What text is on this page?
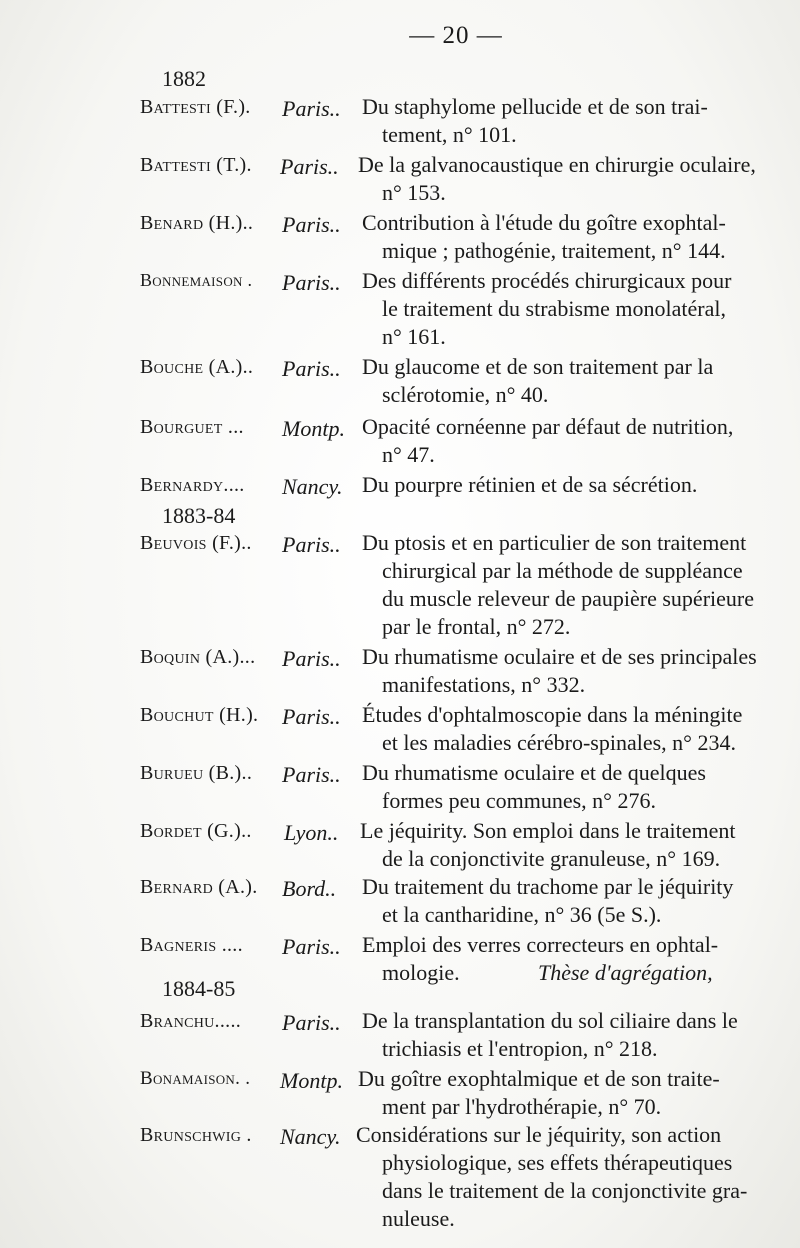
— 20 —
1882
1883-84
1884-85
Battesti (F.). Paris.. Du staphylome pellucide et de son trai-
tement, n° 101.
Battesti (T.). Paris.. De la galvanocaustique en chirurgie oculaire,
n° 153.
Benard (H.).. Paris.. Contribution à l'étude du goître exophtal-
mique ; pathogénie, traitement, n° 144.
Bonnemaison . Paris.. Des différents procédés chirurgicaux pour
le traitement du strabisme monolatéral,
n° 161.
Bouche (A.).. Paris.. Du glaucome et de son traitement par la
sclérotomie, n° 40.
Bourguet ... Montp. Opacité cornéenne par défaut de nutrition,
n° 47.
Bernardy.... Nancy. Du pourpre rétinien et de sa sécrétion.
Beuvois (F.).. Paris.. Du ptosis et en particulier de son traitement
chirurgical par la méthode de suppléance
du muscle releveur de paupière supérieure
par le frontal, n° 272.
Boquin (A.)... Paris.. Du rhumatisme oculaire et de ses principales
manifestations, n° 332.
Bouchut (H.). Paris.. Études d'ophtalmoscopie dans la méningite
et les maladies cérébro-spinales, n° 234.
Burueu (B.).. Paris.. Du rhumatisme oculaire et de quelques
formes peu communes, n° 276.
Bordet (G.).. Lyon.. Le jéquirity. Son emploi dans le traitement
de la conjonctivite granuleuse, n° 169.
Bernard (A.). Bord.. Du traitement du trachome par le jéquirity
et la cantharidine, n° 36 (5e S.).
Bagneris .... Paris.. Emploi des verres correcteurs en ophtal-
mologie.	Thèse d'agrégation,
Branchu..... Paris.. De la transplantation du sol ciliaire dans le
trichiasis et l'entropion, n° 218.
Bonamaison. . Montp. Du goître exophtalmique et de son traite-
ment par l'hydrothérapie, n° 70.
Brunschwig . Nancy. Considérations sur le jéquirity, son action
physiologique, ses effets thérapeutiques
dans le traitement de la conjonctivite gra-
nuleuse.
